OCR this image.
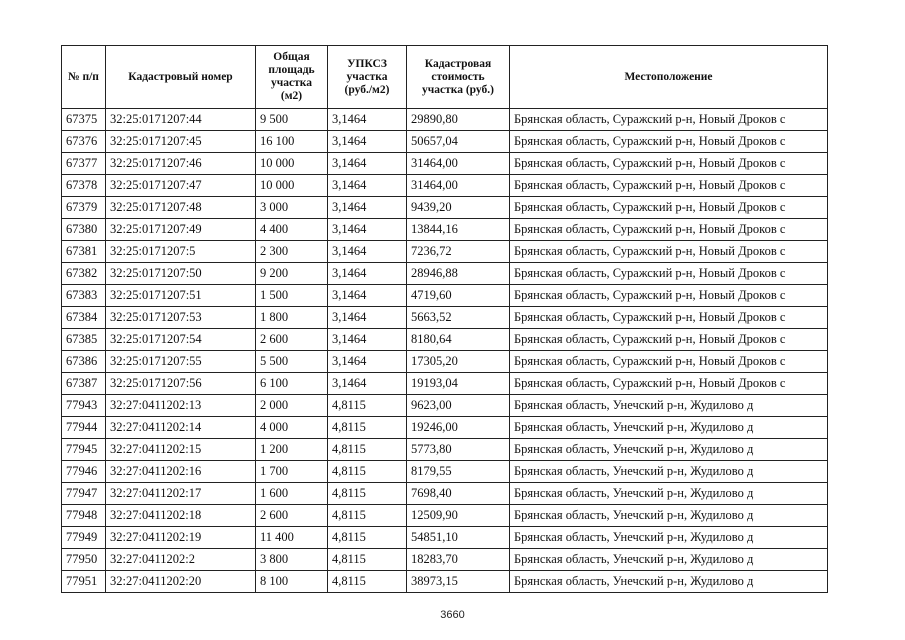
№ п/п	Кадастровый номер	Общая площадь участка (м2)	УПКСЗ участка (руб./м2)	Кадастровая стоимость участка (руб.)	Местоположение
67375	32:25:0171207:44	9 500	3,1464	29890,80	Брянская область, Суражский р-н, Новый Дроков с
67376	32:25:0171207:45	16 100	3,1464	50657,04	Брянская область, Суражский р-н, Новый Дроков с
67377	32:25:0171207:46	10 000	3,1464	31464,00	Брянская область, Суражский р-н, Новый Дроков с
67378	32:25:0171207:47	10 000	3,1464	31464,00	Брянская область, Суражский р-н, Новый Дроков с
67379	32:25:0171207:48	3 000	3,1464	9439,20	Брянская область, Суражский р-н, Новый Дроков с
67380	32:25:0171207:49	4 400	3,1464	13844,16	Брянская область, Суражский р-н, Новый Дроков с
67381	32:25:0171207:5	2 300	3,1464	7236,72	Брянская область, Суражский р-н, Новый Дроков с
67382	32:25:0171207:50	9 200	3,1464	28946,88	Брянская область, Суражский р-н, Новый Дроков с
67383	32:25:0171207:51	1 500	3,1464	4719,60	Брянская область, Суражский р-н, Новый Дроков с
67384	32:25:0171207:53	1 800	3,1464	5663,52	Брянская область, Суражский р-н, Новый Дроков с
67385	32:25:0171207:54	2 600	3,1464	8180,64	Брянская область, Суражский р-н, Новый Дроков с
67386	32:25:0171207:55	5 500	3,1464	17305,20	Брянская область, Суражский р-н, Новый Дроков с
67387	32:25:0171207:56	6 100	3,1464	19193,04	Брянская область, Суражский р-н, Новый Дроков с
77943	32:27:0411202:13	2 000	4,8115	9623,00	Брянская область, Унечский р-н, Жудилово д
77944	32:27:0411202:14	4 000	4,8115	19246,00	Брянская область, Унечский р-н, Жудилово д
77945	32:27:0411202:15	1 200	4,8115	5773,80	Брянская область, Унечский р-н, Жудилово д
77946	32:27:0411202:16	1 700	4,8115	8179,55	Брянская область, Унечский р-н, Жудилово д
77947	32:27:0411202:17	1 600	4,8115	7698,40	Брянская область, Унечский р-н, Жудилово д
77948	32:27:0411202:18	2 600	4,8115	12509,90	Брянская область, Унечский р-н, Жудилово д
77949	32:27:0411202:19	11 400	4,8115	54851,10	Брянская область, Унечский р-н, Жудилово д
77950	32:27:0411202:2	3 800	4,8115	18283,70	Брянская область, Унечский р-н, Жудилово д
77951	32:27:0411202:20	8 100	4,8115	38973,15	Брянская область, Унечский р-н, Жудилово д
3660
